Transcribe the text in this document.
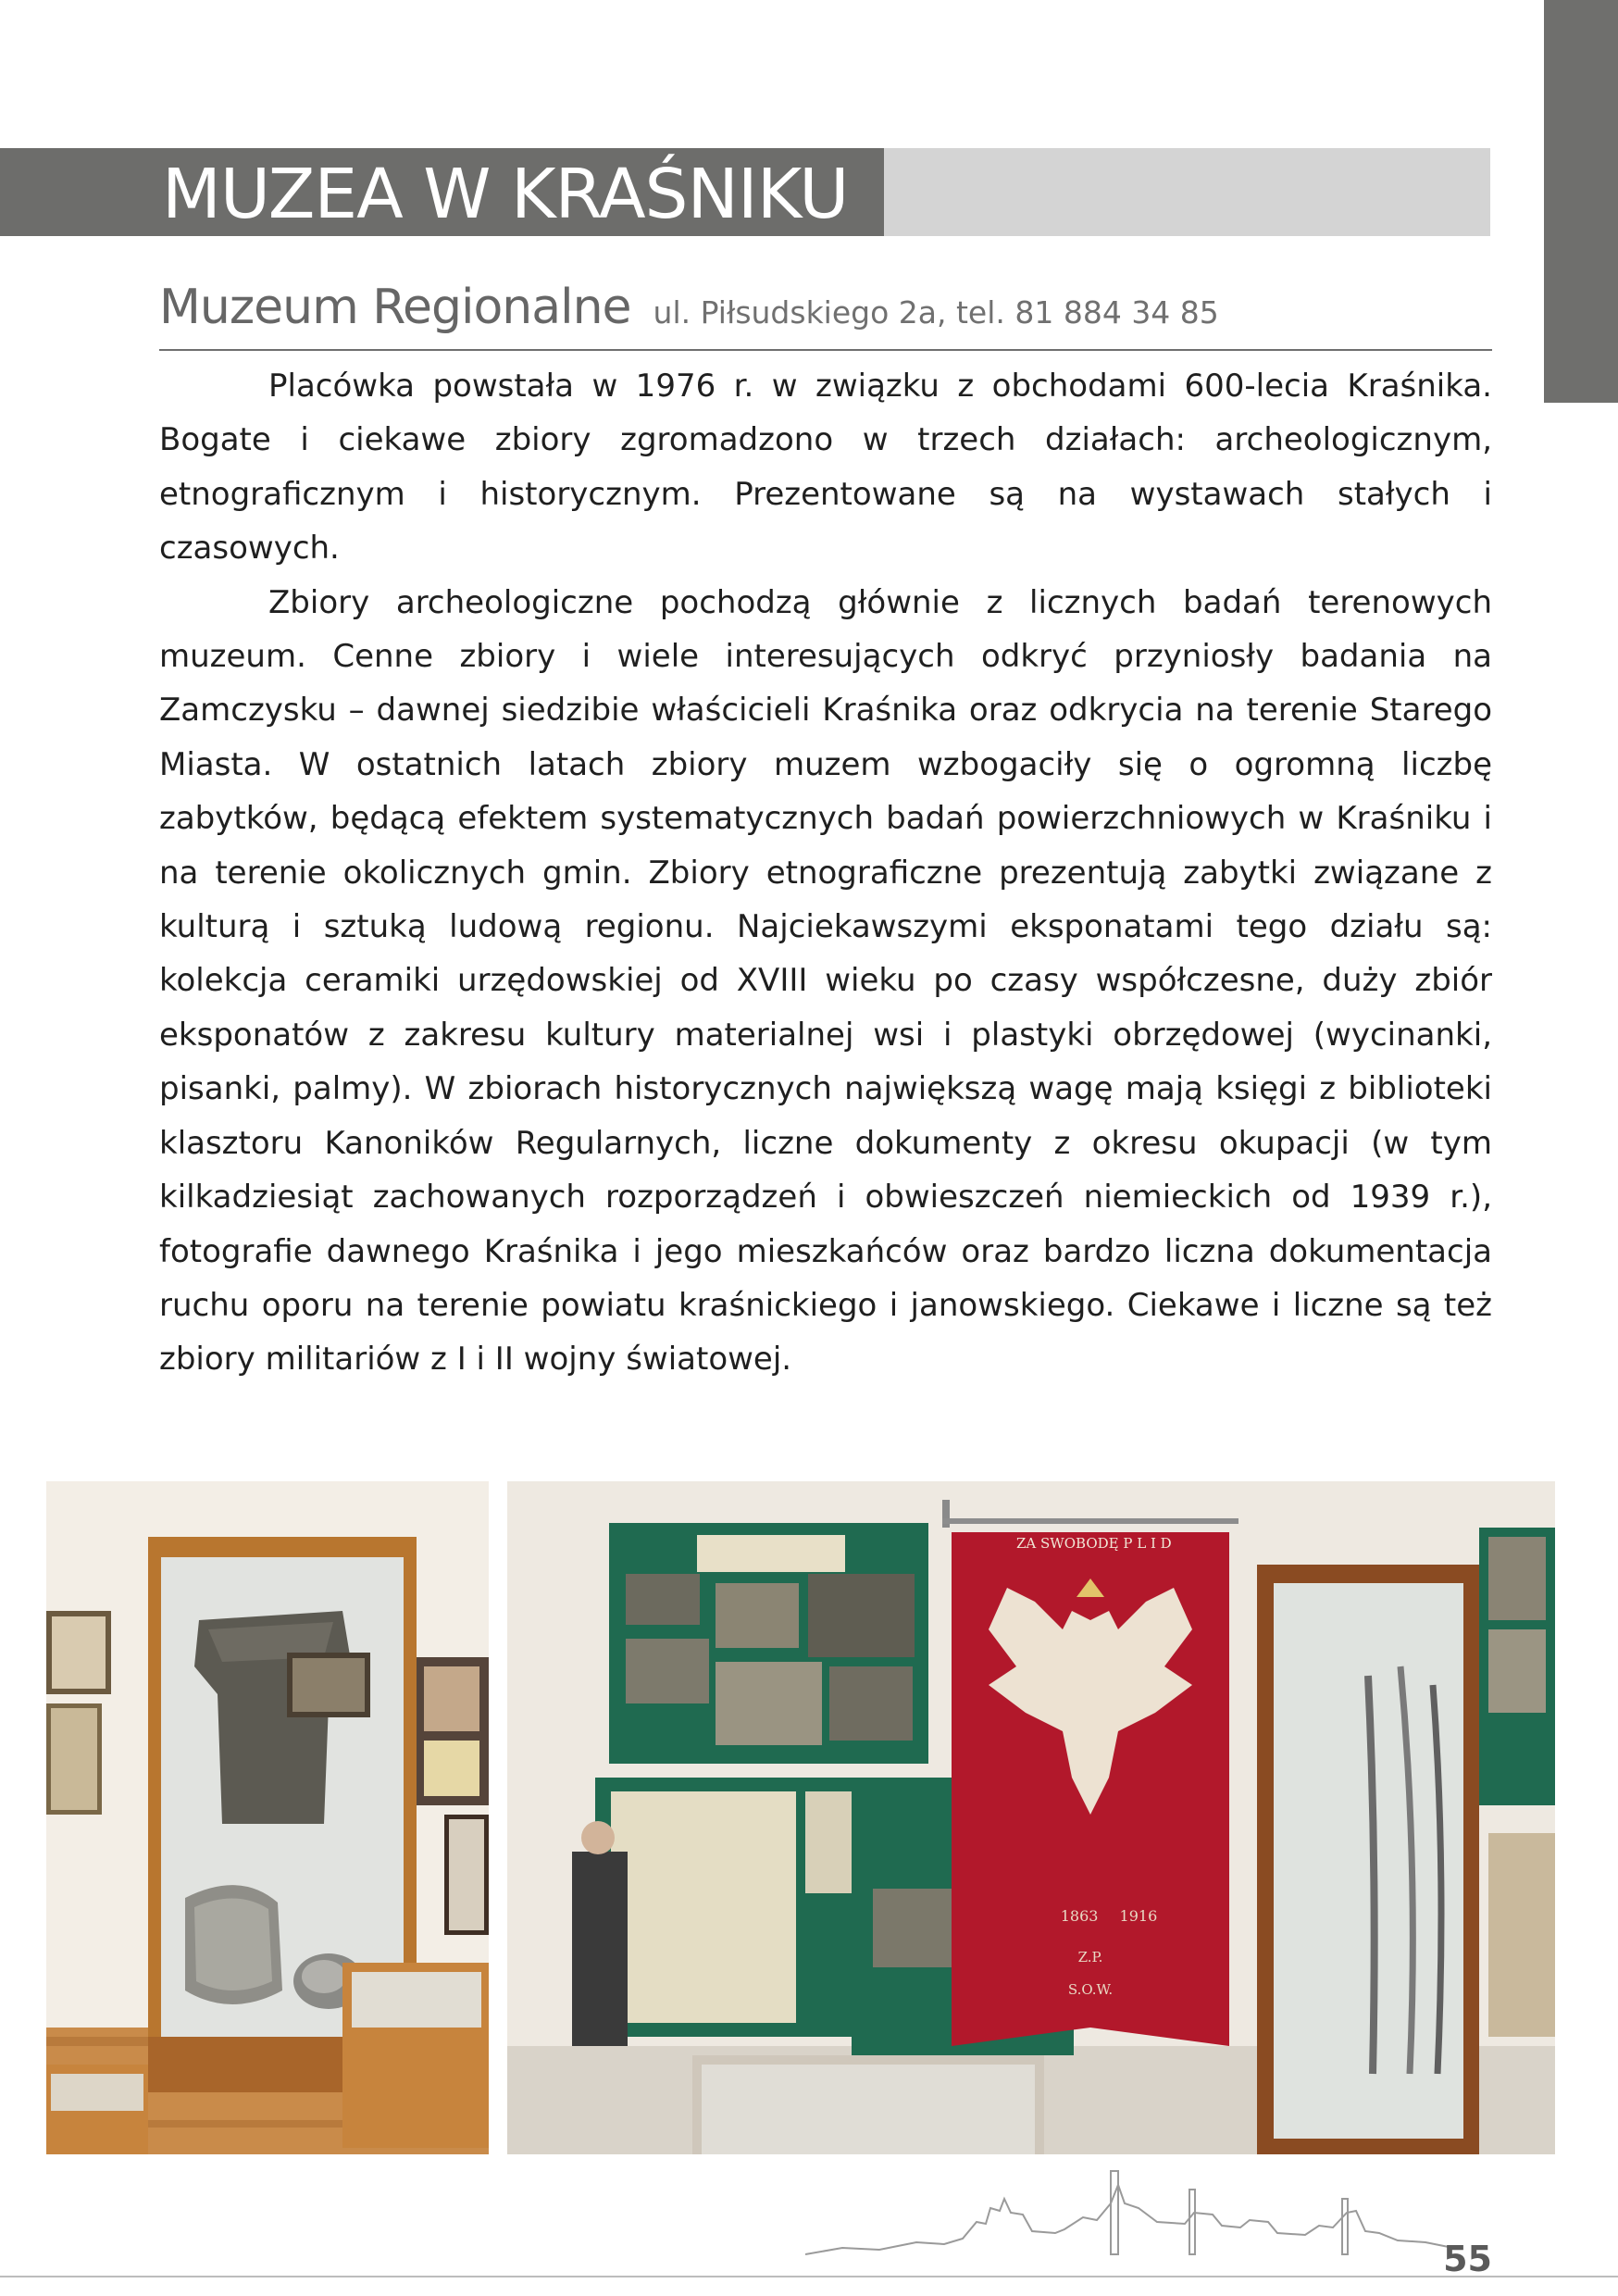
MUZEA W KRAŚNIKU
Muzeum Regionalne ul. Piłsudskiego 2a, tel. 81 884 34 85

Placówka powstała w 1976 r. w związku z obchodami 600-lecia Kraśnika. Bogate i ciekawe zbiory zgromadzono w trzech działach: archeologicznym, etnograficznym i historycznym. Prezentowane są na wystawach stałych i czasowych.

Zbiory archeologiczne pochodzą głównie z licznych badań terenowych muzeum. Cenne zbiory i wiele interesujących odkryć przyniosły badania na Zamczysku – dawnej siedzibie właścicieli Kraśnika oraz odkrycia na terenie Starego Miasta. W ostatnich latach zbiory muzem wzbogaciły się o ogromną liczbę zabytków, będącą efektem systematycznych badań powierzchniowych w Kraśniku i na terenie okolicznych gmin. Zbiory etnograficzne prezentują zabytki związane z kulturą i sztuką ludową regionu. Najciekawszymi eksponatami tego działu są: kolekcja ceramiki urzędowskiej od XVIII wieku po czasy współczesne, duży zbiór eksponatów z zakresu kultury materialnej wsi i plastyki obrzędowej (wycinanki, pisanki, palmy). W zbiorach historycznych największą wagę mają księgi z biblioteki klasztoru Kanoników Regularnych, liczne dokumenty z okresu okupacji (w tym kilkadziesiąt zachowanych rozporządzeń i obwieszczeń niemieckich od 1939 r.), fotografie dawnego Kraśnika i jego mieszkańców oraz bardzo liczna dokumentacja ruchu oporu na terenie powiatu kraśnickiego i janowskiego. Ciekawe i liczne są też zbiory militariów z I i II wojny światowej.

ZA SWOBODĘ P L I D
1863 1916
Z.P.
S.O.W.
55
